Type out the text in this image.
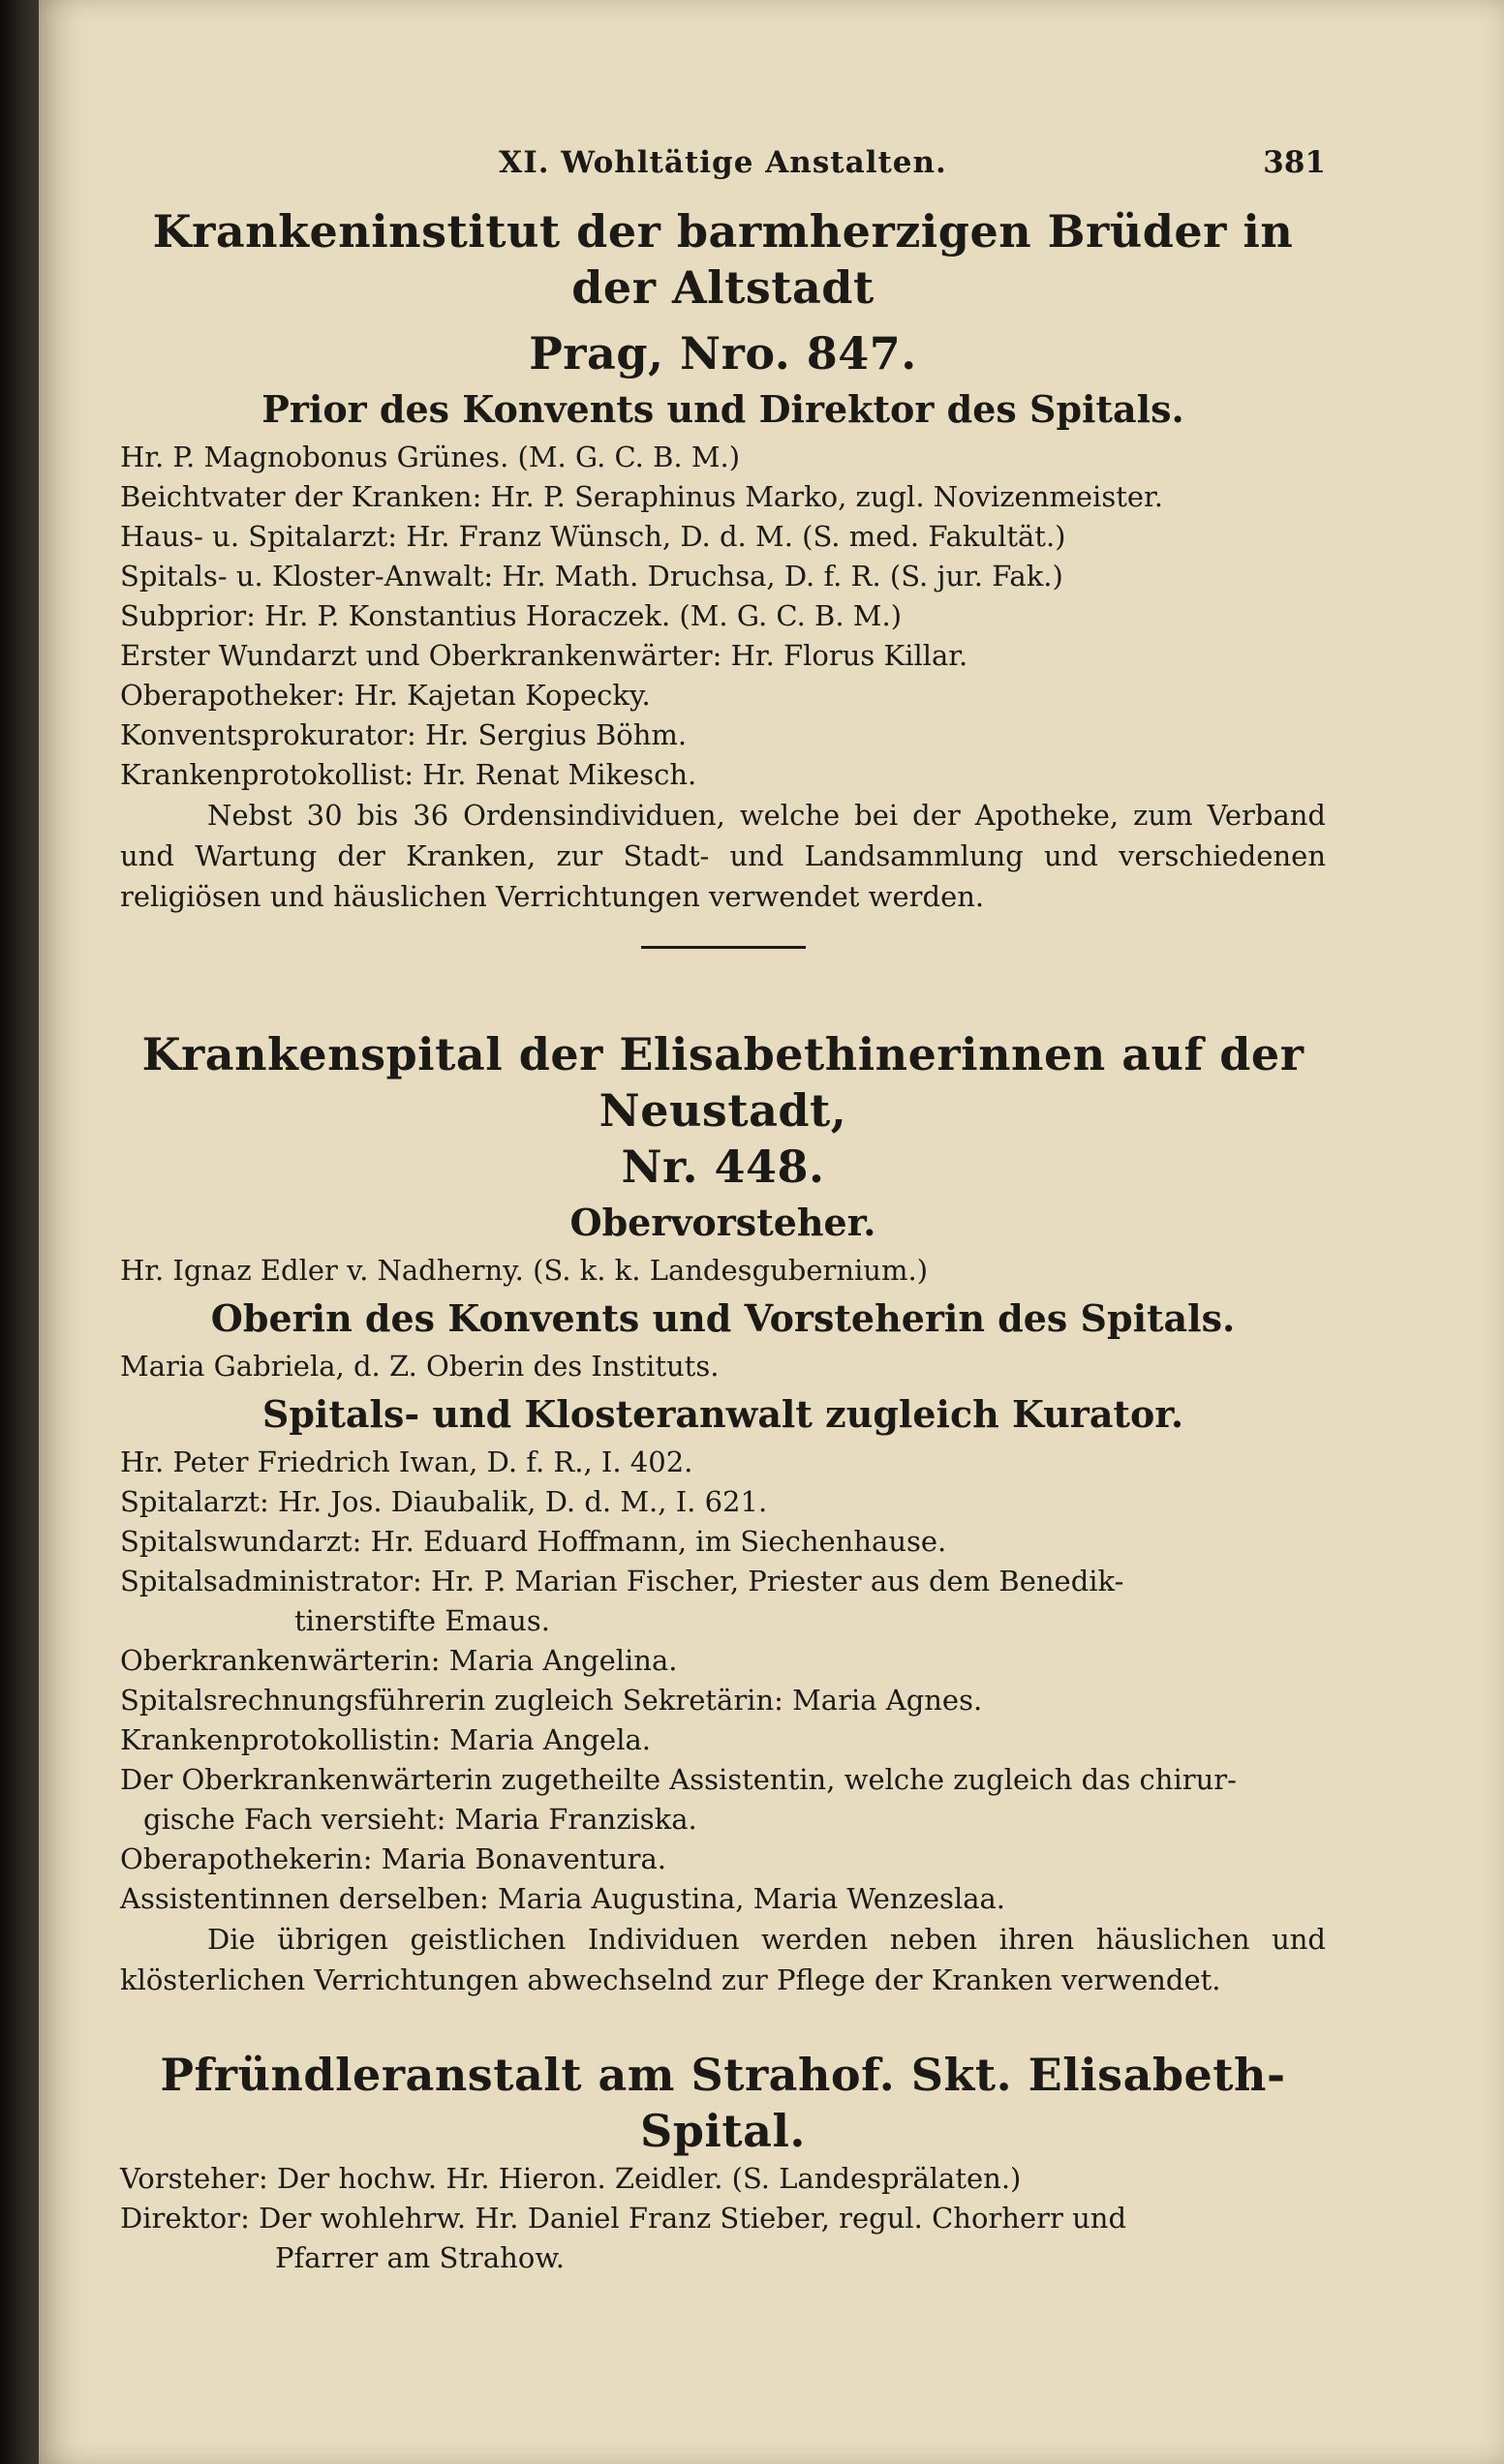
XI. Wohltätige Anstalten.	381
Krankeninstitut der barmherzigen Brüder in der Altstadt
Prag, Nro. 847.
Prior des Konvents und Direktor des Spitals.
Hr. P. Magnobonus Grünes. (M. G. C. B. M.)
Beichtvater der Kranken: Hr. P. Seraphinus Marko, zugl. Novizenmeister.
Haus- u. Spitalarzt: Hr. Franz Wünsch, D. d. M. (S. med. Fakultät.)
Spitals- u. Kloster-Anwalt: Hr. Math. Druchsa, D. f. R. (S. jur. Fak.)
Subprior: Hr. P. Konstantius Horaczek. (M. G. C. B. M.)
Erster Wundarzt und Oberkrankenwärter: Hr. Florus Killar.
Oberapotheker: Hr. Kajetan Kopecky.
Konventsprokurator: Hr. Sergius Böhm.
Krankenprotokollist: Hr. Renat Mikesch.
Nebst 30 bis 36 Ordensindividuen, welche bei der Apotheke, zum Verband und Wartung der Kranken, zur Stadt- und Landsammlung und verschiedenen religiösen und häuslichen Verrichtungen verwendet werden.
Krankenspital der Elisabethinerinnen auf der Neustadt,
Nr. 448.
Obervorsteher.
Hr. Ignaz Edler v. Nadherny. (S. k. k. Landesgubernium.)
Oberin des Konvents und Vorsteherin des Spitals.
Maria Gabriela, d. Z. Oberin des Instituts.
Spitals- und Klosteranwalt zugleich Kurator.
Hr. Peter Friedrich Iwan, D. f. R., I. 402.
Spitalarzt: Hr. Jos. Diaubalik, D. d. M., I. 621.
Spitalswundarzt: Hr. Eduard Hoffmann, im Siechenhause.
Spitalsadministrator: Hr. P. Marian Fischer, Priester aus dem Benedik-
tinerstifte Emaus.
Oberkrankenwärterin: Maria Angelina.
Spitalsrechnungsführerin zugleich Sekretärin: Maria Agnes.
Krankenprotokollistin: Maria Angela.
Der Oberkrankenwärterin zugetheilte Assistentin, welche zugleich das chirur-
gische Fach versieht: Maria Franziska.
Oberapothekerin: Maria Bonaventura.
Assistentinnen derselben: Maria Augustina, Maria Wenzeslaa.
Die übrigen geistlichen Individuen werden neben ihren häuslichen und klösterlichen Verrichtungen abwechselnd zur Pflege der Kranken verwendet.
Pfründleranstalt am Strahof. Skt. Elisabeth-Spital.
Vorsteher: Der hochw. Hr. Hieron. Zeidler. (S. Landesprälaten.)
Direktor: Der wohlehrw. Hr. Daniel Franz Stieber, regul. Chorherr und
Pfarrer am Strahow.
